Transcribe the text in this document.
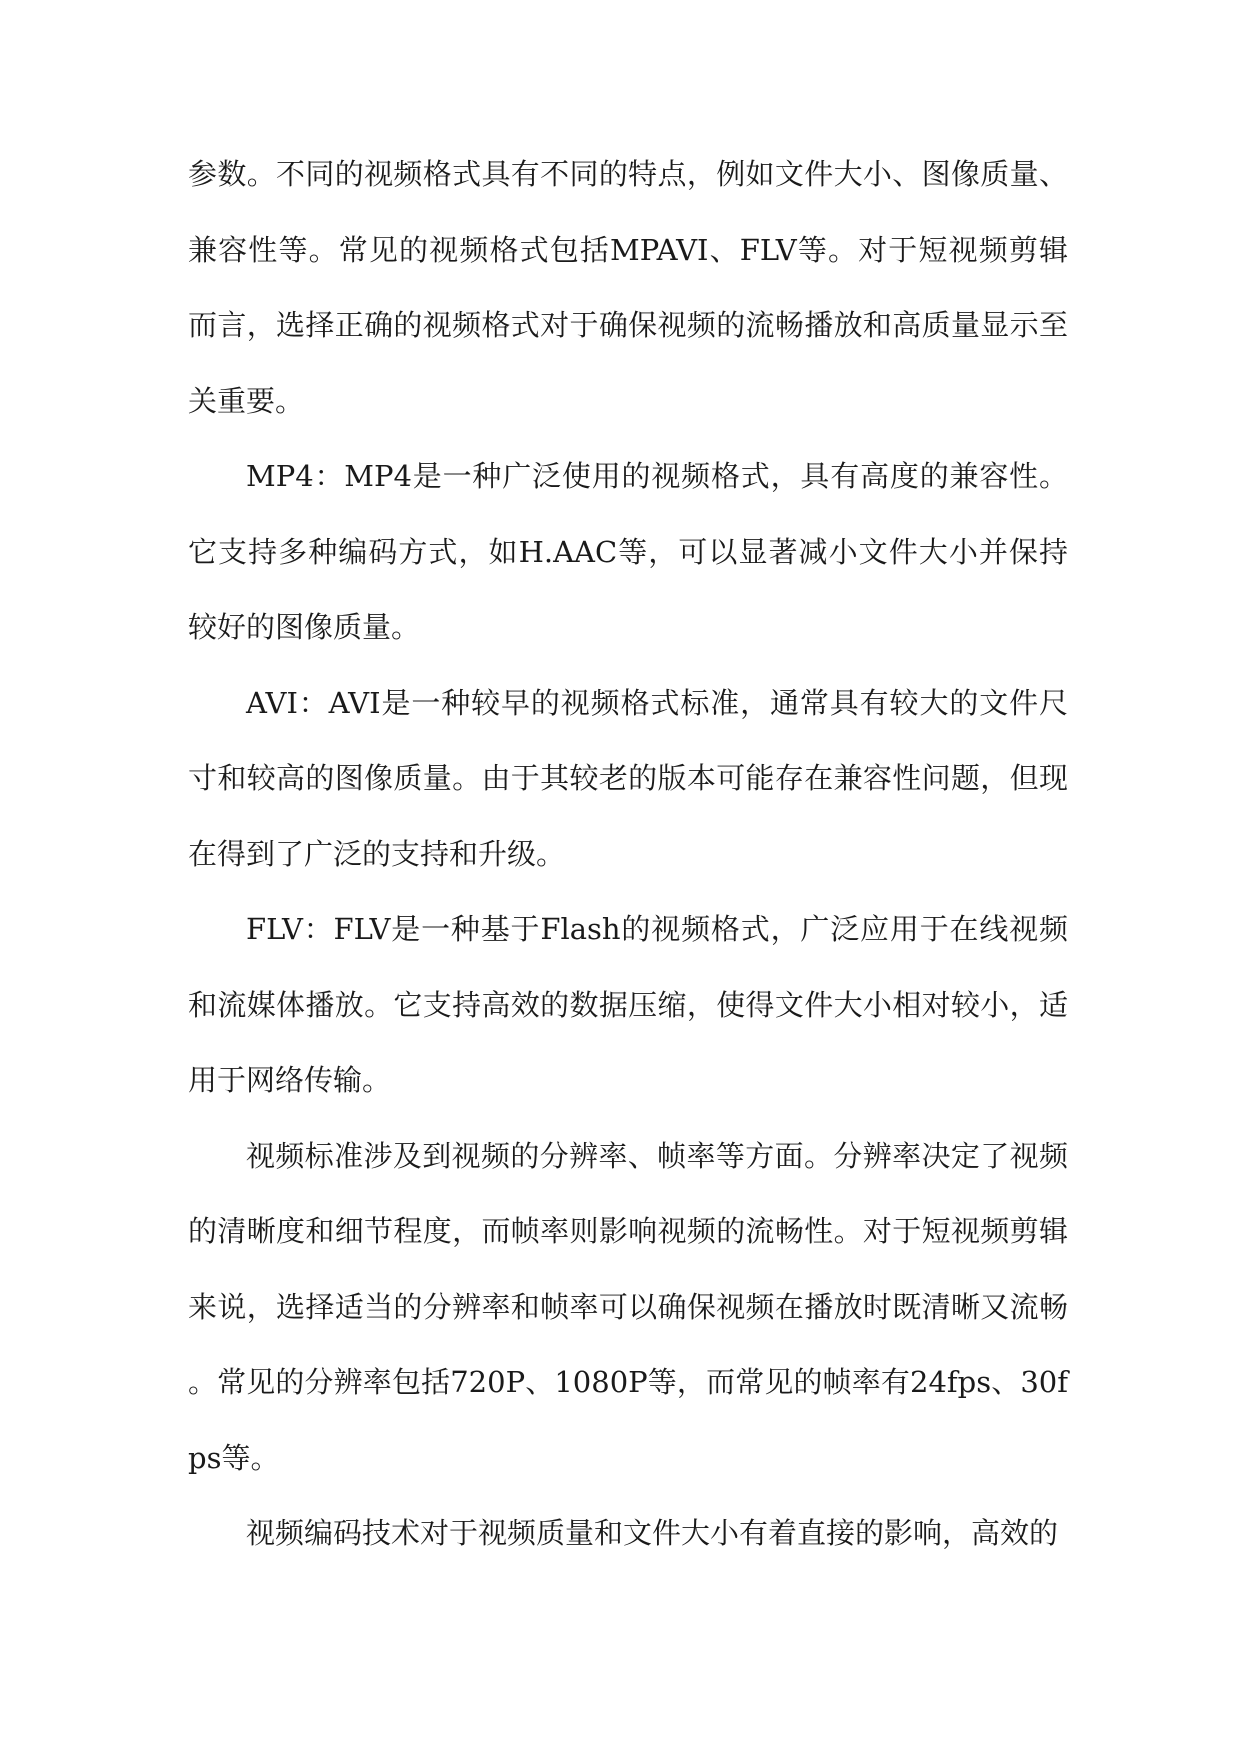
参数。不同的视频格式具有不同的特点，例如文件大小、图像质量、兼容性等。常见的视频格式包括MPAVI、FLV等。对于短视频剪辑而言，选择正确的视频格式对于确保视频的流畅播放和高质量显示至关重要。

MP4：MP4是一种广泛使用的视频格式，具有高度的兼容性。它支持多种编码方式，如H.AAC等，可以显著减小文件大小并保持较好的图像质量。

AVI：AVI是一种较早的视频格式标准，通常具有较大的文件尺寸和较高的图像质量。由于其较老的版本可能存在兼容性问题，但现在得到了广泛的支持和升级。

FLV：FLV是一种基于Flash的视频格式，广泛应用于在线视频和流媒体播放。它支持高效的数据压缩，使得文件大小相对较小，适用于网络传输。

视频标准涉及到视频的分辨率、帧率等方面。分辨率决定了视频的清晰度和细节程度，而帧率则影响视频的流畅性。对于短视频剪辑来说，选择适当的分辨率和帧率可以确保视频在播放时既清晰又流畅。常见的分辨率包括720P、1080P等，而常见的帧率有24fps、30fps等。

视频编码技术对于视频质量和文件大小有着直接的影响，高效的
